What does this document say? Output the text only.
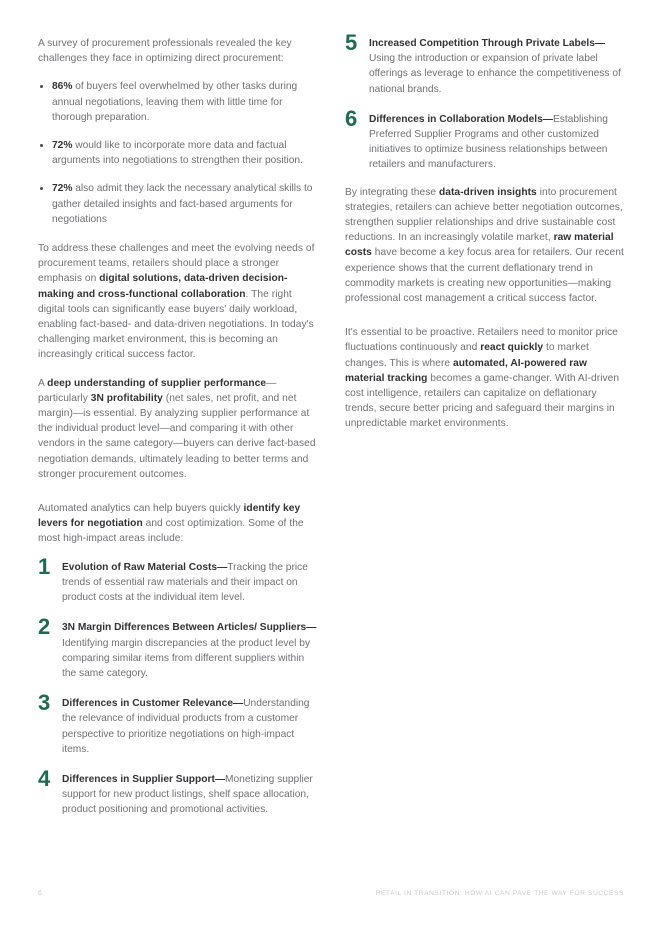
A survey of procurement professionals revealed the key challenges they face in optimizing direct procurement:

86% of buyers feel overwhelmed by other tasks during annual negotiations, leaving them with little time for thorough preparation.
72% would like to incorporate more data and factual arguments into negotiations to strengthen their position.
72% also admit they lack the necessary analytical skills to gather detailed insights and fact-based arguments for negotiations

To address these challenges and meet the evolving needs of procurement teams, retailers should place a stronger emphasis on digital solutions, data-driven decision-making and cross-functional collaboration. The right digital tools can significantly ease buyers' daily workload, enabling fact-based- and data-driven negotiations. In today's challenging market environment, this is becoming an increasingly critical success factor.

A deep understanding of supplier performance—particularly 3N profitability (net sales, net profit, and net margin)—is essential. By analyzing supplier performance at the individual product level—and comparing it with other vendors in the same category—buyers can derive fact-based negotiation demands, ultimately leading to better terms and stronger procurement outcomes.

Automated analytics can help buyers quickly identify key levers for negotiation and cost optimization. Some of the most high-impact areas include:

1	Evolution of Raw Material Costs—Tracking the price trends of essential raw materials and their impact on product costs at the individual item level.
2	3N Margin Differences Between Articles/ Suppliers—Identifying margin discrepancies at the product level by comparing similar items from different suppliers within the same category.
3	Differences in Customer Relevance—Understanding the relevance of individual products from a customer perspective to prioritize negotiations on high-impact items.
4	Differences in Supplier Support—Monetizing supplier support for new product listings, shelf space allocation, product positioning and promotional activities.
5	Increased Competition Through Private Labels—Using the introduction or expansion of private label offerings as leverage to enhance the competitiveness of national brands.
6	Differences in Collaboration Models—Establishing Preferred Supplier Programs and other customized initiatives to optimize business relationships between retailers and manufacturers.

By integrating these data-driven insights into procurement strategies, retailers can achieve better negotiation outcomes, strengthen supplier relationships and drive sustainable cost reductions. In an increasingly volatile market, raw material costs have become a key focus area for retailers. Our recent experience shows that the current deflationary trend in commodity markets is creating new opportunities—making professional cost management a critical success factor.

It's essential to be proactive. Retailers need to monitor price fluctuations continuously and react quickly to market changes. This is where automated, AI-powered raw material tracking becomes a game-changer. With AI-driven cost intelligence, retailers can capitalize on deflationary trends, secure better pricing and safeguard their margins in unpredictable market environments.

6	RETAIL IN TRANSITION: HOW AI CAN PAVE THE WAY FOR SUCCESS
